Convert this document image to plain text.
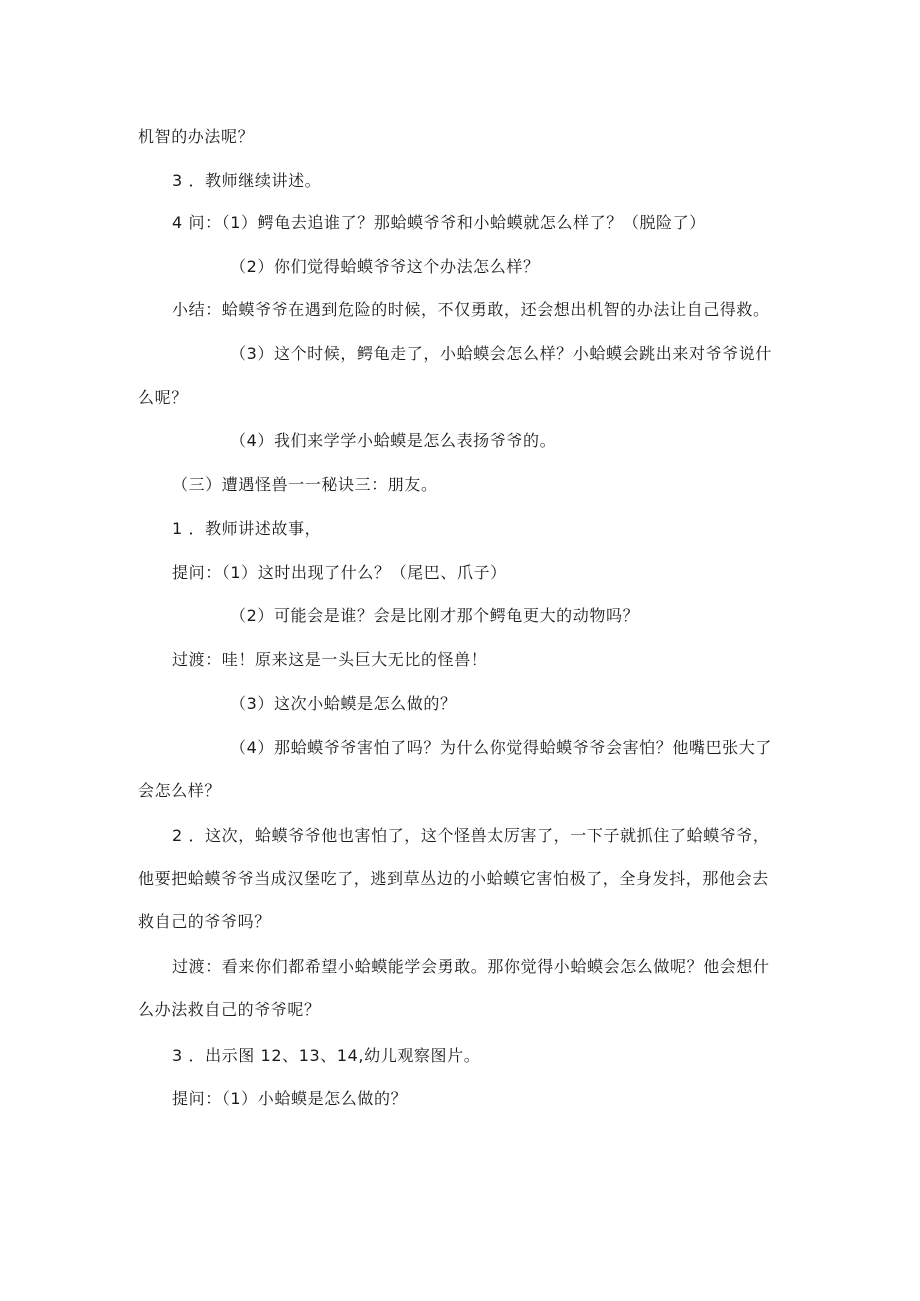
机智的办法呢？
3 ．教师继续讲述。
4 问：（1）鳄龟去追谁了？那蛤蟆爷爷和小蛤蟆就怎么样了？（脱险了）
（2）你们觉得蛤蟆爷爷这个办法怎么样？
小结：蛤蟆爷爷在遇到危险的时候，不仅勇敢，还会想出机智的办法让自己得救。
（3）这个时候，鳄龟走了，小蛤蟆会怎么样？小蛤蟆会跳出来对爷爷说什
么呢？
（4）我们来学学小蛤蟆是怎么表扬爷爷的。
（三）遭遇怪兽一一秘诀三：朋友。
1 ．教师讲述故事，
提问：（1）这时出现了什么？（尾巴、爪子）
（2）可能会是谁？会是比刚才那个鳄龟更大的动物吗？
过渡：哇！原来这是一头巨大无比的怪兽！
（3）这次小蛤蟆是怎么做的？
（4）那蛤蟆爷爷害怕了吗？为什么你觉得蛤蟆爷爷会害怕？他嘴巴张大了
会怎么样？
2 ．这次，蛤蟆爷爷他也害怕了，这个怪兽太厉害了，一下子就抓住了蛤蟆爷爷，
他要把蛤蟆爷爷当成汉堡吃了，逃到草丛边的小蛤蟆它害怕极了，全身发抖，那他会去
救自己的爷爷吗？
过渡：看来你们都希望小蛤蟆能学会勇敢。那你觉得小蛤蟆会怎么做呢？他会想什
么办法救自己的爷爷呢？
3 ．出示图 12、13、14,幼儿观察图片。
提问：（1）小蛤蟆是怎么做的？
